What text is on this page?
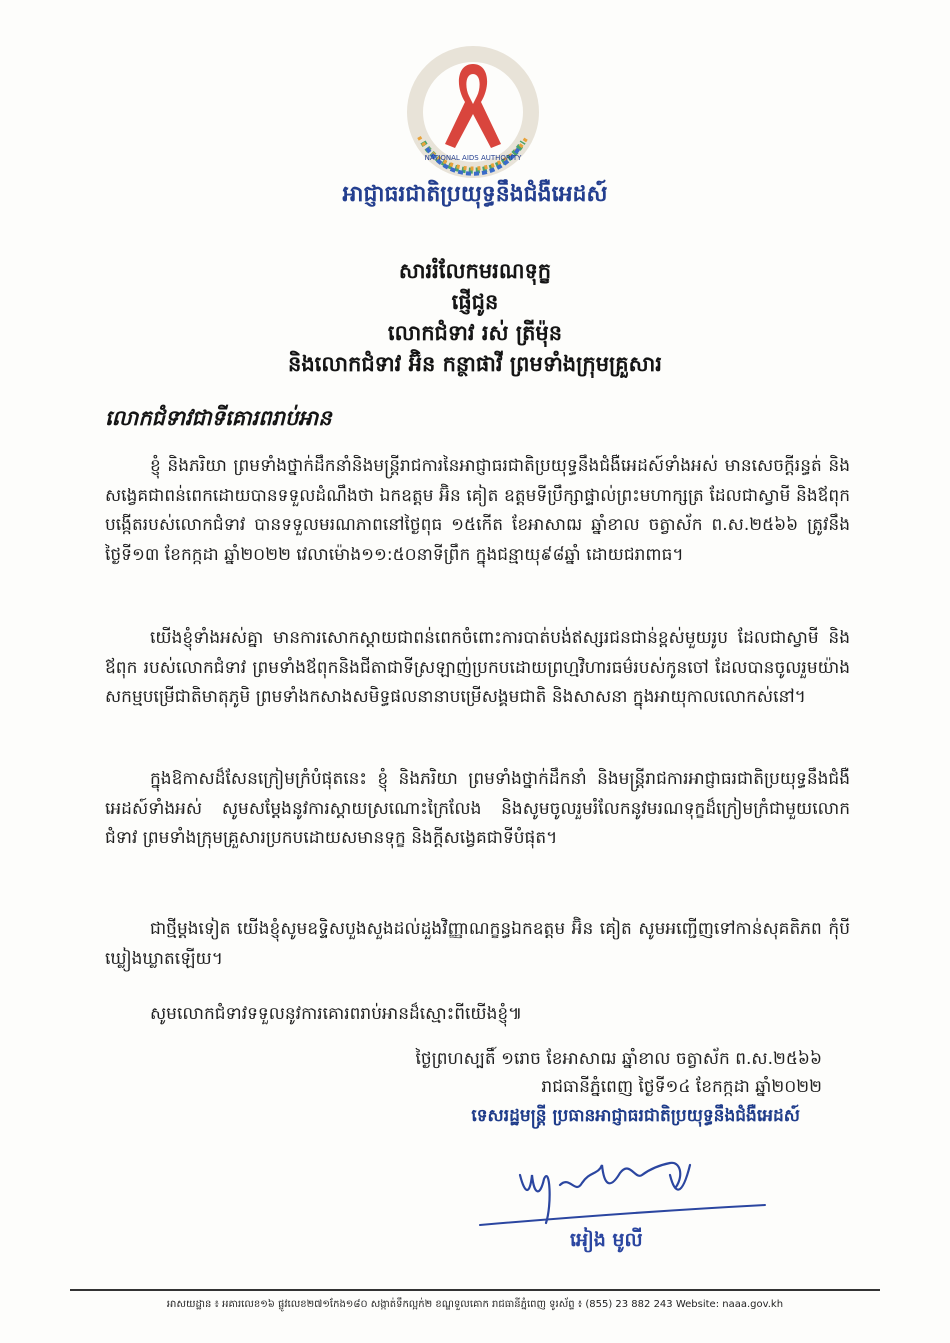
NATIONAL AIDS AUTHORITY
អាជ្ញាធរជាតិប្រយុទ្ធនឹងជំងឺអេដស៍
សាររំលែកមរណទុក្ខ
ផ្ញើជូន
លោកជំទាវ រស់ ត្រីម៉ុន
និងលោកជំទាវ អ៊ិន កន្ថាផាវី ព្រមទាំងក្រុមគ្រួសារ
លោកជំទាវជាទីគោរពរាប់អាន
ខ្ញុំ និងភរិយា ព្រមទាំងថ្នាក់ដឹកនាំនិងមន្ត្រីរាជការនៃអាជ្ញាធរជាតិប្រយុទ្ធនឹងជំងឺអេដស៍ទាំងអស់ មានសេចក្តីរន្ធត់ និងសង្វេគជាពន់ពេកដោយបានទទួលដំណឹងថា ឯកឧត្តម អ៊ិន គៀត ឧត្តមទីប្រឹក្សាផ្ទាល់ព្រះមហាក្សត្រ ដែលជាស្វាមី និងឪពុកបង្កើតរបស់លោកជំទាវ បានទទួលមរណភាពនៅថ្ងៃពុធ ១៥កើត ខែអាសាឍ ឆ្នាំខាល ចត្វាស័ក ព.ស.២៥៦៦ ត្រូវនឹងថ្ងៃទី១៣ ខែកក្កដា ឆ្នាំ២០២២ វេលាម៉ោង១១:៥០នាទីព្រឹក ក្នុងជន្មាយុ៩៨ឆ្នាំ ដោយជរាពាធ។
យើងខ្ញុំទាំងអស់គ្នា មានការសោកស្តាយជាពន់ពេកចំពោះការបាត់បង់ឥស្សរជនជាន់ខ្ពស់មួយរូប ដែលជាស្វាមី និងឪពុក របស់លោកជំទាវ ព្រមទាំងឪពុកនិងជីតាជាទីស្រឡាញ់ប្រកបដោយព្រហ្មវិហារធម៌របស់កូនចៅ ដែលបានចូលរួមយ៉ាងសកម្មបម្រើជាតិមាតុភូមិ ព្រមទាំងកសាងសមិទ្ធផលនានាបម្រើសង្គមជាតិ និងសាសនា ក្នុងអាយុកាលលោកស់នៅ។
ក្នុងឱកាសដ៏សែនក្រៀមក្រំបំផុតនេះ ខ្ញុំ និងភរិយា ព្រមទាំងថ្នាក់ដឹកនាំ និងមន្ត្រីរាជការអាជ្ញាធរជាតិប្រយុទ្ធនឹងជំងឺអេដស៍ទាំងអស់ សូមសម្តែងនូវការស្តាយស្រណោះក្រៃលែង និងសូមចូលរួមរំលែកនូវមរណទុក្ខដ៏ក្រៀមក្រំជាមួយលោកជំទាវ ព្រមទាំងក្រុមគ្រួសារប្រកបដោយសមានទុក្ខ និងក្តីសង្វេគជាទីបំផុត។
ជាថ្មីម្តងទៀត យើងខ្ញុំសូមឧទ្ទិសបួងសួងដល់ដួងវិញ្ញាណក្ខន្ធឯកឧត្តម អ៊ិន គៀត សូមអញ្ជើញទៅកាន់សុគតិភព កុំបីឃ្លៀងឃ្លាតឡើយ។
សូមលោកជំទាវទទួលនូវការគោរពរាប់អានដ៏ស្មោះពីយើងខ្ញុំ៕
ថ្ងៃព្រហស្បតិ៍ ១រោច ខែអាសាឍ ឆ្នាំខាល ចត្វាស័ក ព.ស.២៥៦៦
រាជធានីភ្នំពេញ ថ្ងៃទី១៤ ខែកក្កដា ឆ្នាំ២០២២
ទេសរដ្ឋមន្ត្រី ប្រធានអាជ្ញាធរជាតិប្រយុទ្ធនឹងជំងឺអេដស៍
អៀង មូលី
អាសយដ្ឋាន ៖ អគារលេខ១៦ ផ្លូវលេខ២៧១កែង១៨០ សង្កាត់ទឹកល្អក់២ ខណ្ឌទួលគោក រាជធានីភ្នំពេញ ទូរស័ព្ទ ៖ (855) 23 882 243 Website: naaa.gov.kh
